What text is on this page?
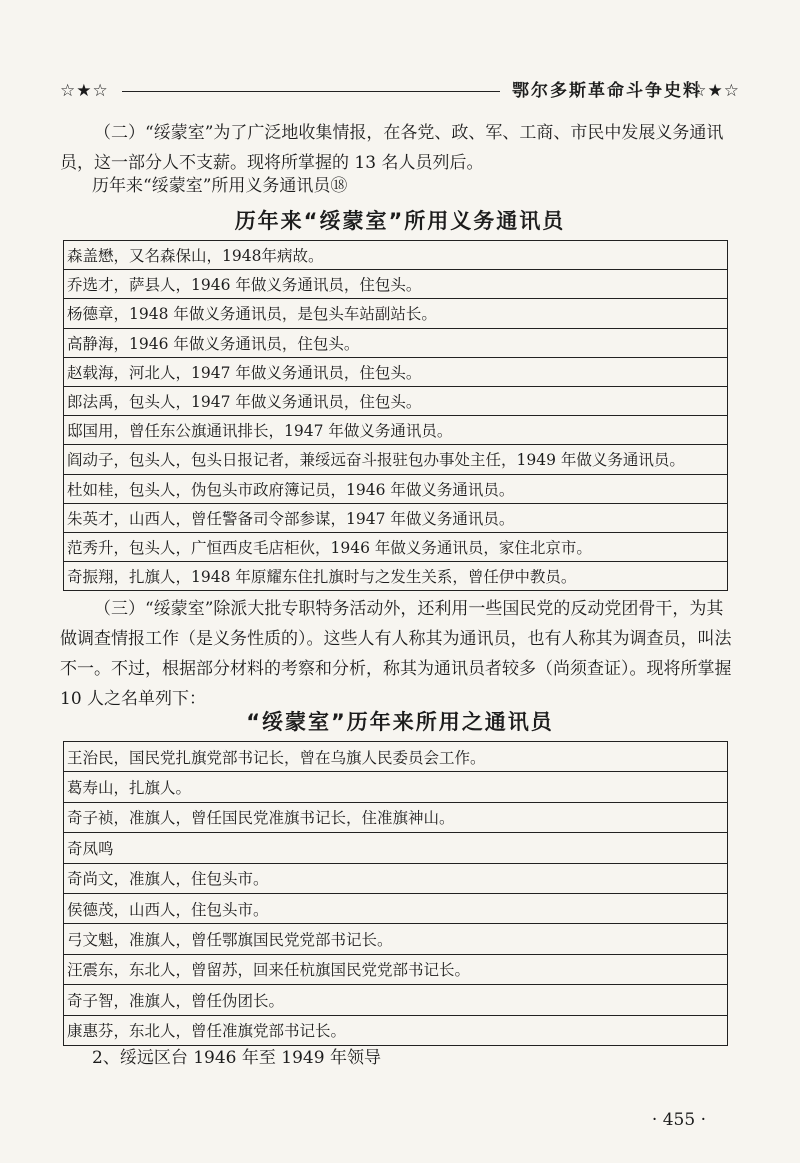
☆★☆	鄂尔多斯革命斗争史料
☆★☆

（二）“绥蒙室”为了广泛地收集情报，在各党、政、军、工商、市民中发展义务通讯员，这一部分人不支薪。现将所掌握的 13 名人员列后。

历年来“绥蒙室”所用义务通讯员⑱
历年来“绥蒙室”所用义务通讯员
森盖懋，又名森保山，1948年病故。
乔选才，萨县人，1946 年做义务通讯员，住包头。
杨德章，1948 年做义务通讯员，是包头车站副站长。
高静海，1946 年做义务通讯员，住包头。
赵载海，河北人，1947 年做义务通讯员，住包头。
郎法禹，包头人，1947 年做义务通讯员，住包头。
邸国用，曾任东公旗通讯排长，1947 年做义务通讯员。
阎动子，包头人，包头日报记者，兼绥远奋斗报驻包办事处主任，1949 年做义务通讯员。
杜如桂，包头人，伪包头市政府簿记员，1946 年做义务通讯员。
朱英才，山西人，曾任警备司令部参谋，1947 年做义务通讯员。
范秀升，包头人，广恒西皮毛店柜伙，1946 年做义务通讯员，家住北京市。
奇振翔，扎旗人，1948 年原耀东住扎旗时与之发生关系，曾任伊中教员。

（三）“绥蒙室”除派大批专职特务活动外，还利用一些国民党的反动党团骨干，为其做调查情报工作（是义务性质的）。这些人有人称其为通讯员，也有人称其为调查员，叫法不一。不过，根据部分材料的考察和分析，称其为通讯员者较多（尚须查证）。现将所掌握 10 人之名单列下：

“绥蒙室”历年来所用之通讯员
王治民，国民党扎旗党部书记长，曾在乌旗人民委员会工作。
葛寿山，扎旗人。
奇子祯，准旗人，曾任国民党准旗书记长，住准旗神山。
奇凤鸣
奇尚文，准旗人，住包头市。
侯德茂，山西人，住包头市。
弓文魁，准旗人，曾任鄂旗国民党党部书记长。
汪震东，东北人，曾留苏，回来任杭旗国民党党部书记长。
奇子智，准旗人，曾任伪团长。
康惠芬，东北人，曾任准旗党部书记长。
2、绥远区台 1946 年至 1949 年领导
· 455 ·
